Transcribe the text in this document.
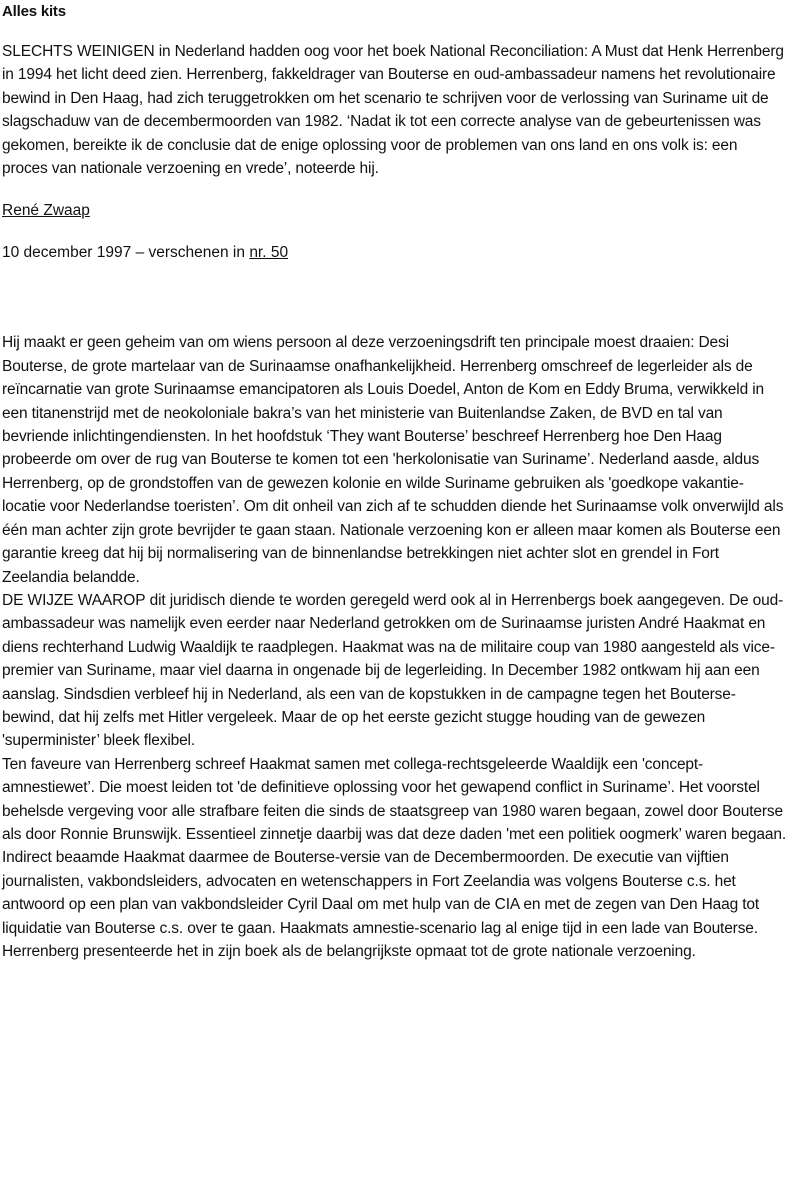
Alles kits

SLECHTS WEINIGEN in Nederland hadden oog voor het boek National Reconciliation: A Must dat Henk Herrenberg in 1994 het licht deed zien. Herrenberg, fakkeldrager van Bouterse en oud-ambassadeur namens het revolutionaire bewind in Den Haag, had zich teruggetrokken om het scenario te schrijven voor de verlossing van Suriname uit de slagschaduw van de decembermoorden van 1982. ‘Nadat ik tot een correcte analyse van de gebeurtenissen was gekomen, bereikte ik de conclusie dat de enige oplossing voor de problemen van ons land en ons volk is: een proces van nationale verzoening en vrede’, noteerde hij.

René Zwaap
10 december 1997 – verschenen in nr. 50

Hij maakt er geen geheim van om wiens persoon al deze verzoeningsdrift ten principale moest draaien: Desi Bouterse, de grote martelaar van de Surinaamse onafhankelijkheid. Herrenberg omschreef de legerleider als de reïncarnatie van grote Surinaamse emancipatoren als Louis Doedel, Anton de Kom en Eddy Bruma, verwikkeld in een titanenstrijd met de neokoloniale bakra’s van het ministerie van Buitenlandse Zaken, de BVD en tal van bevriende inlichtingendiensten. In het hoofdstuk ‘They want Bouterse’ beschreef Herrenberg hoe Den Haag probeerde om over de rug van Bouterse te komen tot een 'herkolonisatie van Suriname’. Nederland aasde, aldus Herrenberg, op de grondstoffen van de gewezen kolonie en wilde Suriname gebruiken als 'goedkope vakantie-locatie voor Nederlandse toeristen’. Om dit onheil van zich af te schudden diende het Surinaamse volk onverwijld als één man achter zijn grote bevrijder te gaan staan. Nationale verzoening kon er alleen maar komen als Bouterse een garantie kreeg dat hij bij normalisering van de binnenlandse betrekkingen niet achter slot en grendel in Fort Zeelandia belandde.

DE WIJZE WAAROP dit juridisch diende te worden geregeld werd ook al in Herrenbergs boek aangegeven. De oud-ambassadeur was namelijk even eerder naar Nederland getrokken om de Surinaamse juristen André Haakmat en diens rechterhand Ludwig Waaldijk te raadplegen. Haakmat was na de militaire coup van 1980 aangesteld als vice-premier van Suriname, maar viel daarna in ongenade bij de legerleiding. In December 1982 ontkwam hij aan een aanslag. Sindsdien verbleef hij in Nederland, als een van de kopstukken in de campagne tegen het Bouterse-bewind, dat hij zelfs met Hitler vergeleek. Maar de op het eerste gezicht stugge houding van de gewezen 'superminister’ bleek flexibel.

Ten faveure van Herrenberg schreef Haakmat samen met collega-rechtsgeleerde Waaldijk een 'concept-amnestiewet’. Die moest leiden tot 'de definitieve oplossing voor het gewapend conflict in Suriname’. Het voorstel behelsde vergeving voor alle strafbare feiten die sinds de staatsgreep van 1980 waren begaan, zowel door Bouterse als door Ronnie Brunswijk. Essentieel zinnetje daarbij was dat deze daden 'met een politiek oogmerk’ waren begaan.

Indirect beaamde Haakmat daarmee de Bouterse-versie van de Decembermoorden. De executie van vijftien journalisten, vakbondsleiders, advocaten en wetenschappers in Fort Zeelandia was volgens Bouterse c.s. het antwoord op een plan van vakbondsleider Cyril Daal om met hulp van de CIA en met de zegen van Den Haag tot liquidatie van Bouterse c.s. over te gaan. Haakmats amnestie-scenario lag al enige tijd in een lade van Bouterse. Herrenberg presenteerde het in zijn boek als de belangrijkste opmaat tot de grote nationale verzoening.
